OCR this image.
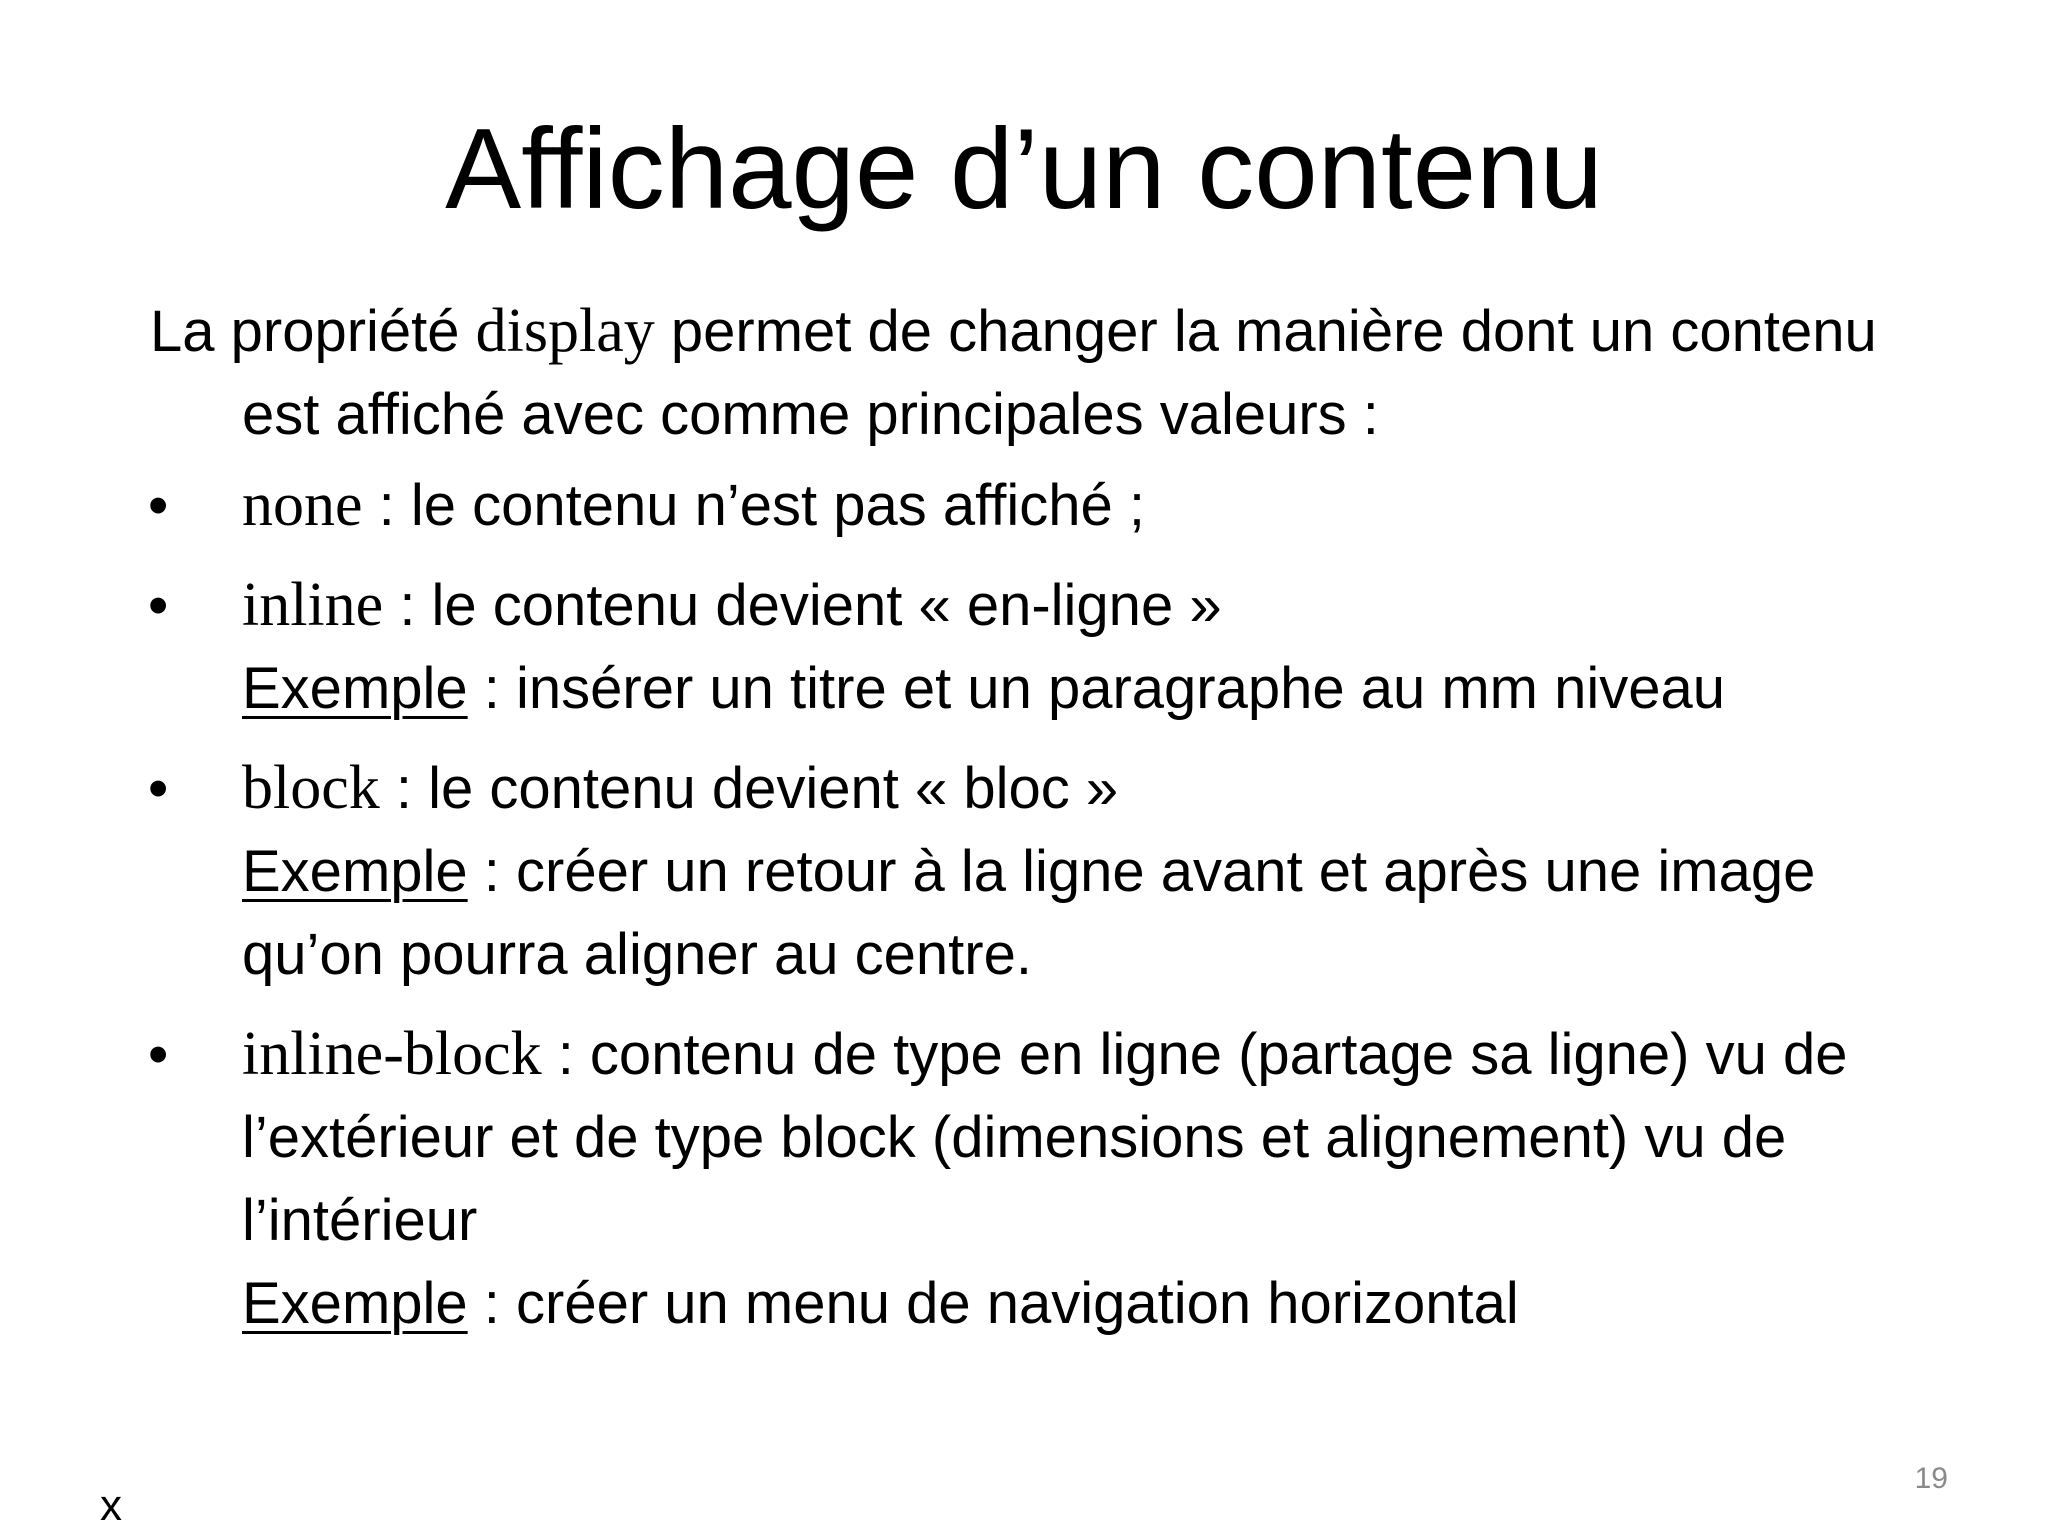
Affichage d’un contenu

La propriété display permet de changer la manière dont un contenu est affiché avec comme principales valeurs :

•	none : le contenu n’est pas affiché ;
•	inline : le contenu devient « en-ligne »
Exemple : insérer un titre et un paragraphe au mm niveau
•	block : le contenu devient « bloc »
Exemple : créer un retour à la ligne avant et après une image qu’on pourra aligner au centre.
•	inline-block : contenu de type en ligne (partage sa ligne) vu de l’extérieur et de type block (dimensions et alignement) vu de l’intérieur
Exemple : créer un menu de navigation horizontal
19
x
